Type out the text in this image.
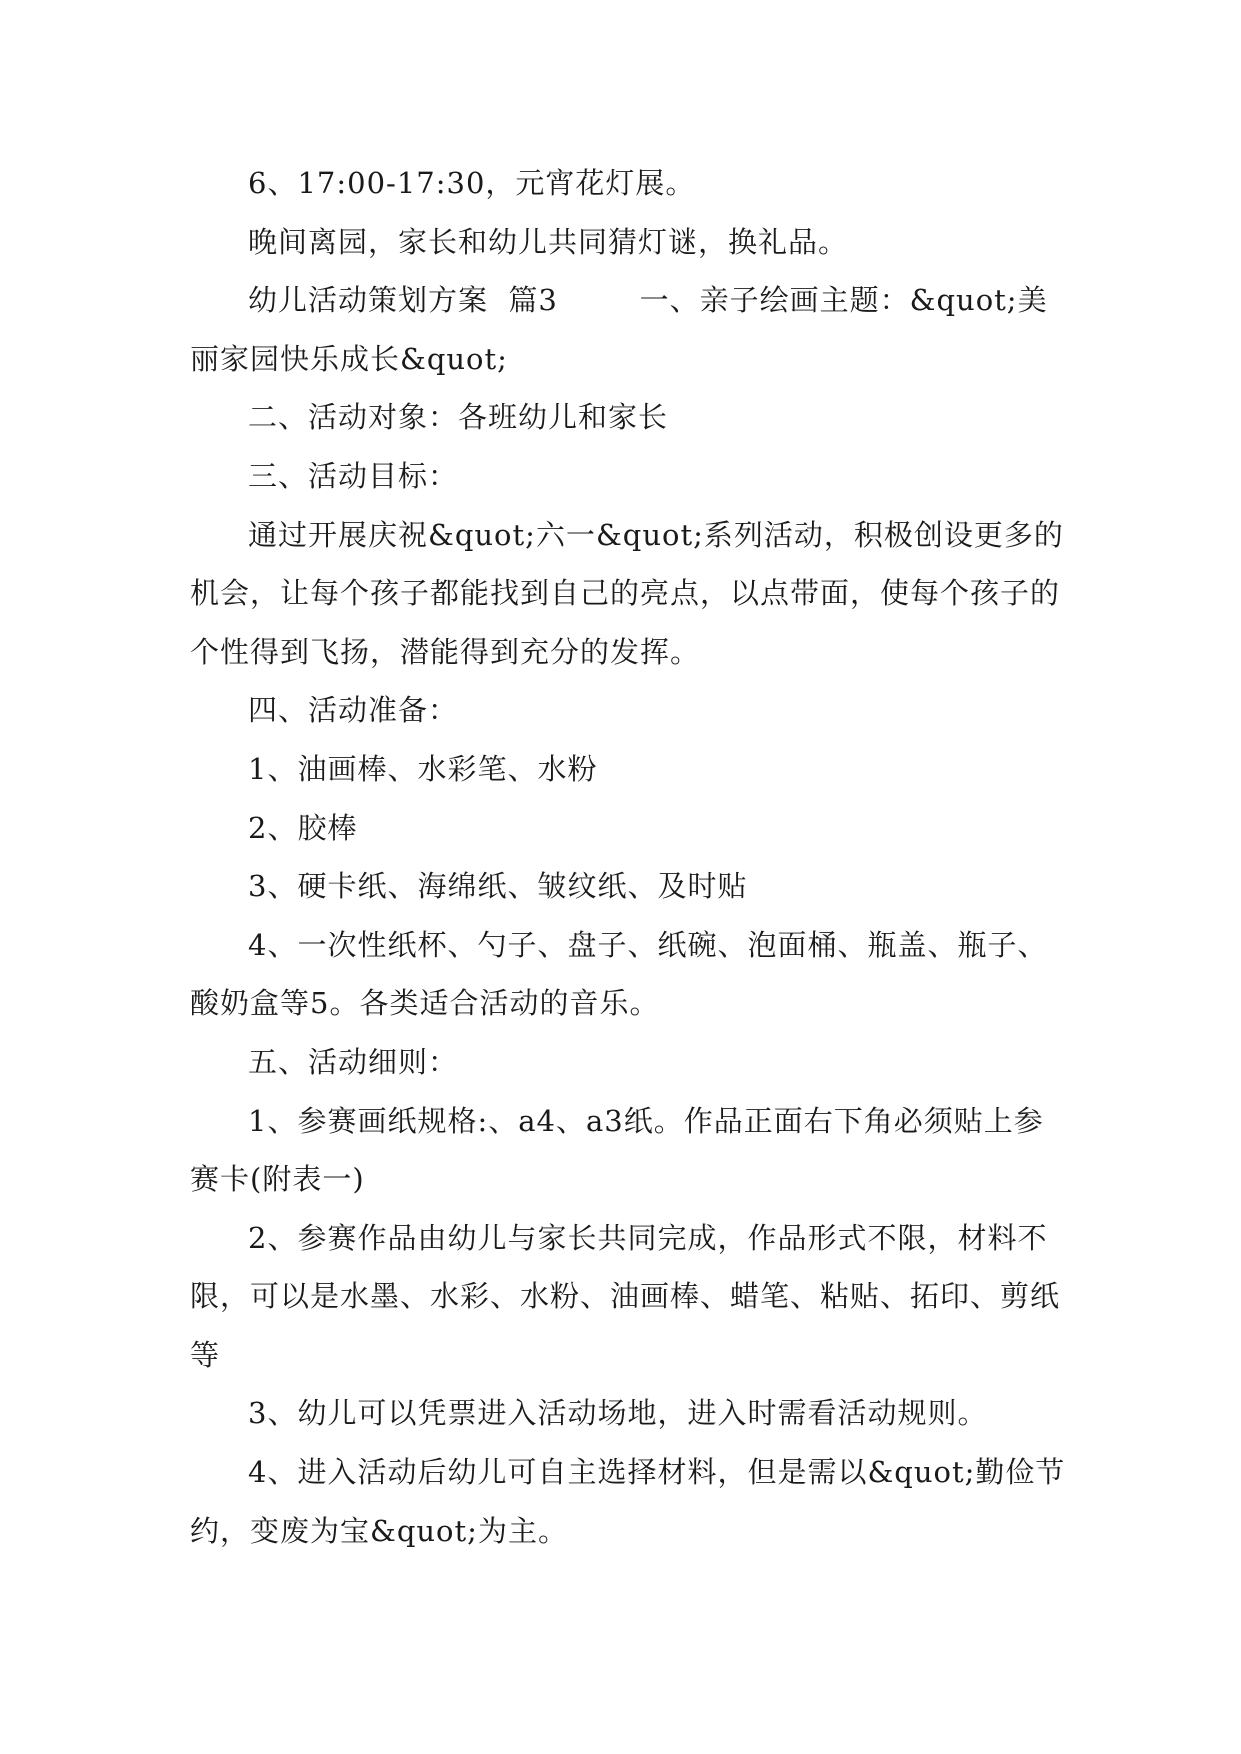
6、17:00-17:30，元宵花灯展。

晚间离园，家长和幼儿共同猜灯谜，换礼品。

幼儿活动策划方案  篇3        一、亲子绘画主题：&quot;美丽家园快乐成长&quot;

二、活动对象：各班幼儿和家长

三、活动目标：

通过开展庆祝&quot;六一&quot;系列活动，积极创设更多的机会，让每个孩子都能找到自己的亮点，以点带面，使每个孩子的个性得到飞扬，潜能得到充分的发挥。

四、活动准备：

1、油画棒、水彩笔、水粉

2、胶棒

3、硬卡纸、海绵纸、皱纹纸、及时贴

4、一次性纸杯、勺子、盘子、纸碗、泡面桶、瓶盖、瓶子、酸奶盒等5。各类适合活动的音乐。

五、活动细则：

1、参赛画纸规格:、a4、a3纸。作品正面右下角必须贴上参赛卡(附表一)

2、参赛作品由幼儿与家长共同完成，作品形式不限，材料不限，可以是水墨、水彩、水粉、油画棒、蜡笔、粘贴、拓印、剪纸等

3、幼儿可以凭票进入活动场地，进入时需看活动规则。

4、进入活动后幼儿可自主选择材料，但是需以&quot;勤俭节约，变废为宝&quot;为主。
